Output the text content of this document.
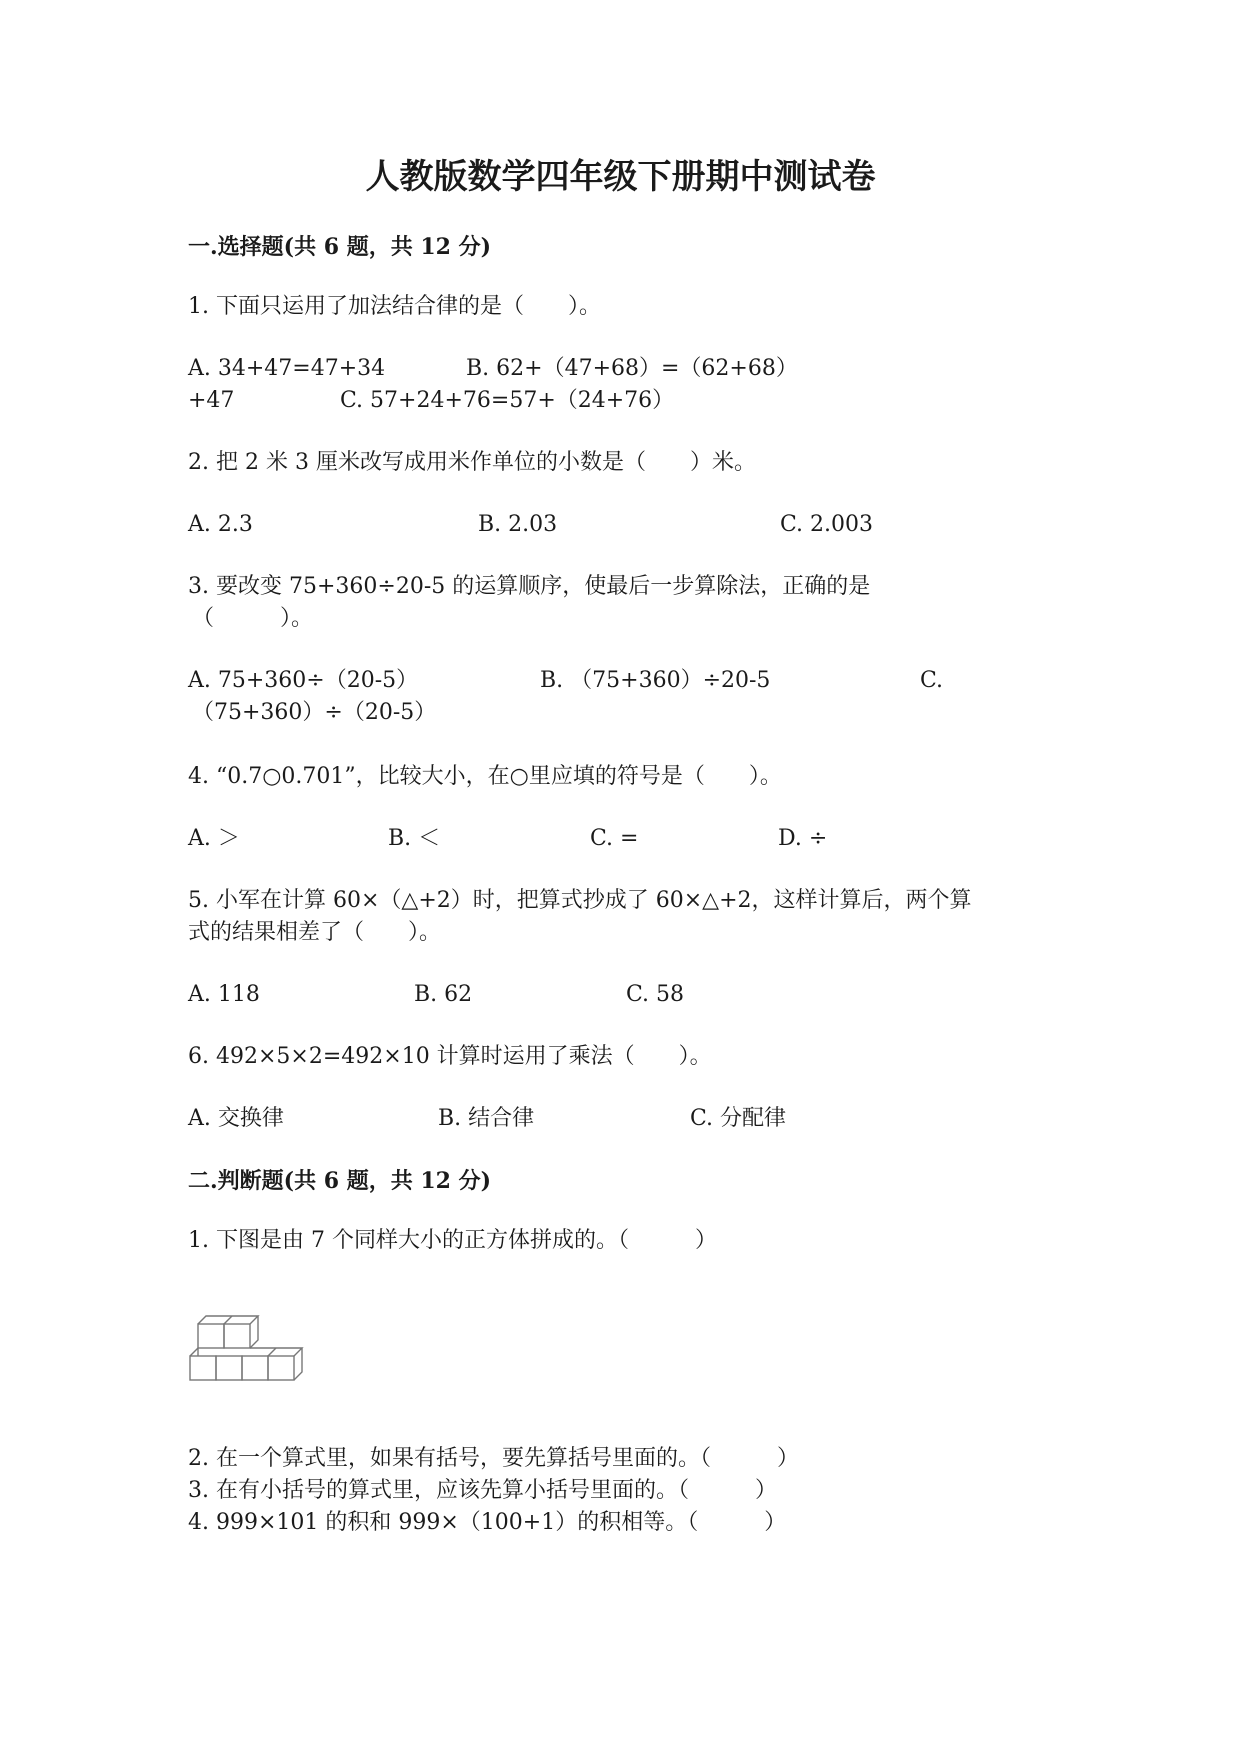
人教版数学四年级下册期中测试卷
一.选择题(共 6 题，共 12 分)
1. 下面只运用了加法结合律的是（　　）。
A. 34+47=47+34	B. 62+（47+68）=（62+68）
+47	C. 57+24+76=57+（24+76）
2. 把 2 米 3 厘米改写成用米作单位的小数是（　　）米。
A. 2.3	B. 2.03	C. 2.003
3. 要改变 75+360÷20-5 的运算顺序，使最后一步算除法，正确的是
（　　　）。
A. 75+360÷（20-5）	B. （75+360）÷20-5	C.
（75+360）÷（20-5）
4. “0.7○0.701”，比较大小，在○里应填的符号是（　　）。
A. ＞	B. ＜	C. =	D. ÷
5. 小军在计算 60×（△+2）时，把算式抄成了 60×△+2，这样计算后，两个算
式的结果相差了（　　）。
A. 118	B. 62	C. 58
6. 492×5×2=492×10 计算时运用了乘法（　　）。
A. 交换律	B. 结合律	C. 分配律
二.判断题(共 6 题，共 12 分)
1. 下图是由 7 个同样大小的正方体拼成的。（　　　）
2. 在一个算式里，如果有括号，要先算括号里面的。（　　　）
3. 在有小括号的算式里，应该先算小括号里面的。（　　　）
4. 999×101 的积和 999×（100+1）的积相等。（　　　）
